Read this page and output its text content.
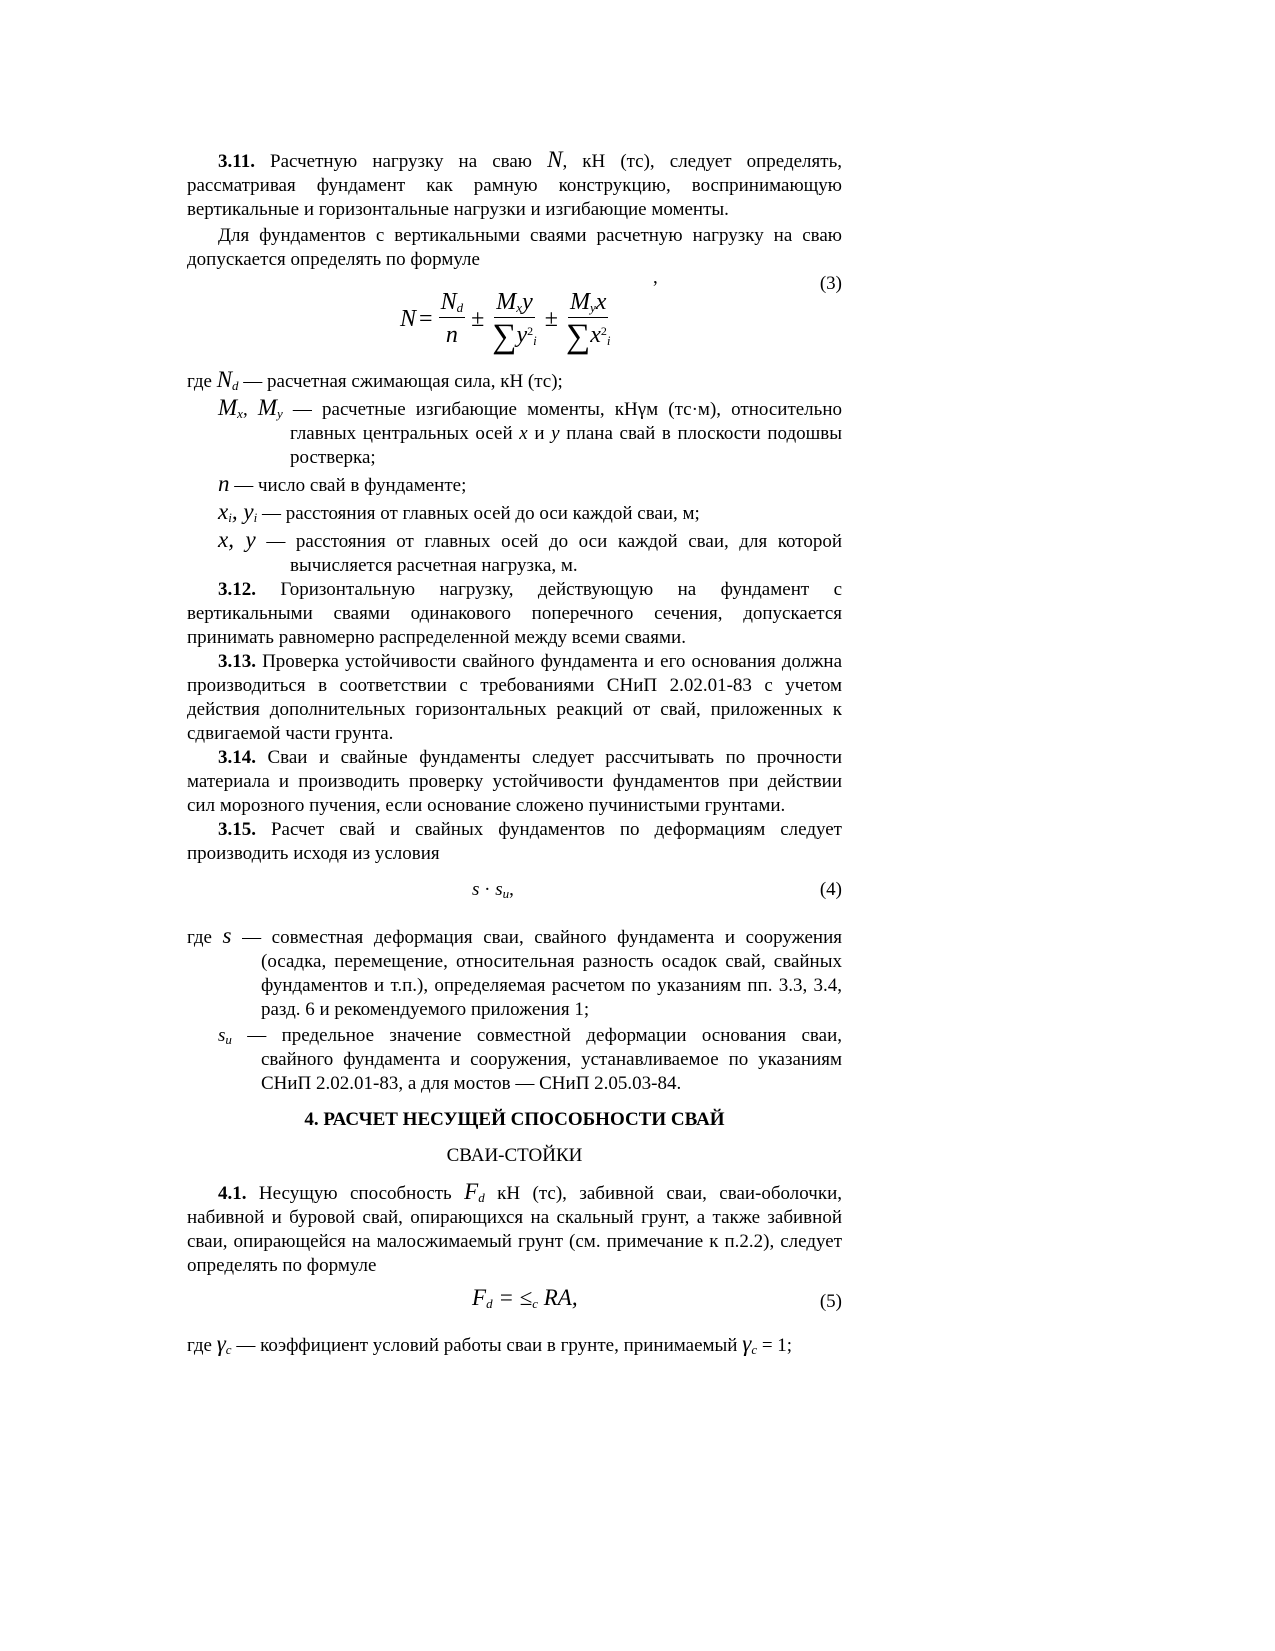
3.11. Расчетную нагрузку на сваю N, кН (тс), следует определять, рассматривая фундамент как рамную конструкцию, воспринимающую вертикальные и горизонтальные нагрузки и изгибающие моменты.

Для фундаментов с вертикальными сваями расчетную нагрузку на сваю допускается определять по формуле

,	(3)
$N = \frac{N_d}{n} \pm \frac{M_xy}{\sum y^2_i} \pm \frac{M_yx}{\sum x^2_i}$

где $N_d$ — расчетная сжимающая сила, кН (тс);

$M_x$, $M_y$ — расчетные изгибающие моменты, кНγм (тс·м), относительно главных центральных осей x и y плана свай в плоскости подошвы ростверка;

n — число свай в фундаменте;

$x_i$, $y_i$ — расстояния от главных осей до оси каждой сваи, м;

x, y — расстояния от главных осей до оси каждой сваи, для которой вычисляется расчетная нагрузка, м.

3.12. Горизонтальную нагрузку, действующую на фундамент с вертикальными сваями одинакового поперечного сечения, допускается принимать равномерно распределенной между всеми сваями.

3.13. Проверка устойчивости свайного фундамента и его основания должна производиться в соответствии с требованиями СНиП 2.02.01-83 с учетом действия дополнительных горизонтальных реакций от свай, приложенных к сдвигаемой части грунта.

3.14. Сваи и свайные фундаменты следует рассчитывать по прочности материала и производить проверку устойчивости фундаментов при действии сил морозного пучения, если основание сложено пучинистыми грунтами.

3.15. Расчет свай и свайных фундаментов по деформациям следует производить исходя из условия

$s \cdot s_u$,	(4)

где s — совместная деформация сваи, свайного фундамента и сооружения (осадка, перемещение, относительная разность осадок свай, свайных фундаментов и т.п.), определяемая расчетом по указаниям пп. 3.3, 3.4, разд. 6 и рекомендуемого приложения 1;

$s_u$ — предельное значение совместной деформации основания сваи, свайного фундамента и сооружения, устанавливаемое по указаниям СНиП 2.02.01-83, а для мостов — СНиП 2.05.03-84.

4. РАСЧЕТ НЕСУЩЕЙ СПОСОБНОСТИ СВАЙ

СВАИ-СТОЙКИ

4.1. Несущую способность $F_d$ кН (тс), забивной сваи, сваи-оболочки, набивной и буровой свай, опирающихся на скальный грунт, а также забивной сваи, опирающейся на малосжимаемый грунт (см. примечание к п.2.2), следует определять по формуле

$F_d = \le_c$ RA,	(5)

где $\gamma_c$ — коэффициент условий работы сваи в грунте, принимаемый $\gamma_c = 1$;
